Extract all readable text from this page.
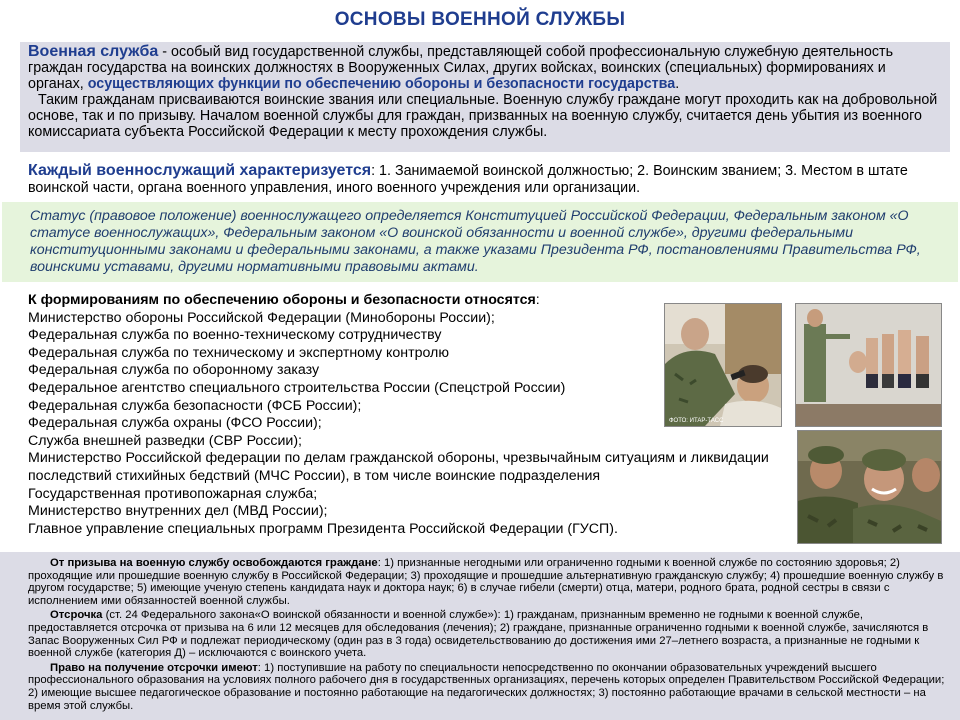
ОСНОВЫ ВОЕННОЙ СЛУЖБЫ
Военная служба - особый вид государственной службы, представляющей собой профессиональную служебную деятельность граждан государства на воинских должностях в Вооруженных Силах, других войсках, воинских (специальных) формированиях и органах, осуществляющих функции по обеспечению обороны и безопасности государства.
Таким гражданам присваиваются воинские звания или специальные. Военную службу граждане могут проходить как на добровольной основе, так и по призыву. Началом военной службы для граждан, призванных на военную службу, считается день убытия из военного комиссариата субъекта Российской Федерации к месту прохождения службы.
Каждый военнослужащий характеризуется: 1. Занимаемой воинской должностью; 2. Воинским званием; 3. Местом в штате воинской части, органа военного управления, иного военного учреждения или организации.
Статус (правовое положение) военнослужащего определяется Конституцией Российской Федерации, Федеральным законом «О статусе военнослужащих», Федеральным законом «О воинской обязанности и военной службе», другими федеральными конституционными законами и федеральными законами, а также указами Президента РФ, постановлениями Правительства РФ, воинскими уставами, другими нормативными правовыми актами.
К формированиям по обеспечению обороны и безопасности относятся:
Министерство обороны Российской Федерации (Минобороны России);
Федеральная служба по военно-техническому сотрудничеству
Федеральная служба по техническому и экспертному контролю
Федеральная служба по оборонному заказу
Федеральное агентство специального строительства России (Спецстрой России)
Федеральная служба безопасности (ФСБ России);
Федеральная служба охраны (ФСО России);
Служба внешней разведки (СВР России);
Министерство Российской федерации по делам гражданской обороны, чрезвычайным ситуациям и ликвидации последствий стихийных бедствий (МЧС России), в том числе воинские подразделения
Государственная противопожарная служба;
Министерство внутренних дел (МВД России);
Главное управление специальных программ Президента Российской Федерации (ГУСП).
ФОТО: ИТАР-ТАСС

От призыва на военную службу освобождаются граждане: 1) признанные негодными или ограниченно годными к военной службе по состоянию здоровья; 2) проходящие или прошедшие военную службу в Российской Федерации; 3) проходящие и прошедшие альтернативную гражданскую службу; 4) прошедшие военную службу в другом государстве; 5) имеющие ученую степень кандидата наук и доктора наук; 6) в случае гибели (смерти) отца, матери, родного брата, родной сестры в связи с исполнением ими обязанностей военной службы.

Отсрочка (ст. 24 Федерального закона«О воинской обязанности и военной службе»): 1) гражданам, признанным временно не годными к военной службе, предоставляется отсрочка от призыва на 6 или 12 месяцев для обследования (лечения); 2) граждане, признанные ограниченно годными к военной службе, зачисляются в Запас Вооруженных Сил РФ и подлежат периодическому (один раз в 3 года) освидетельствованию до достижения ими 27–летнего возраста, а признанные не годными к военной службе (категория Д) – исключаются с воинского учета.

Право на получение отсрочки имеют: 1) поступившие на работу по специальности непосредственно по окончании образовательных учреждений высшего профессионального образования на условиях полного рабочего дня в государственных организациях, перечень которых определен Правительством Российской Федерации; 2) имеющие высшее педагогическое образование и постоянно работающие на педагогических должностях; 3) постоянно работающие врачами в сельской местности – на время этой службы.
